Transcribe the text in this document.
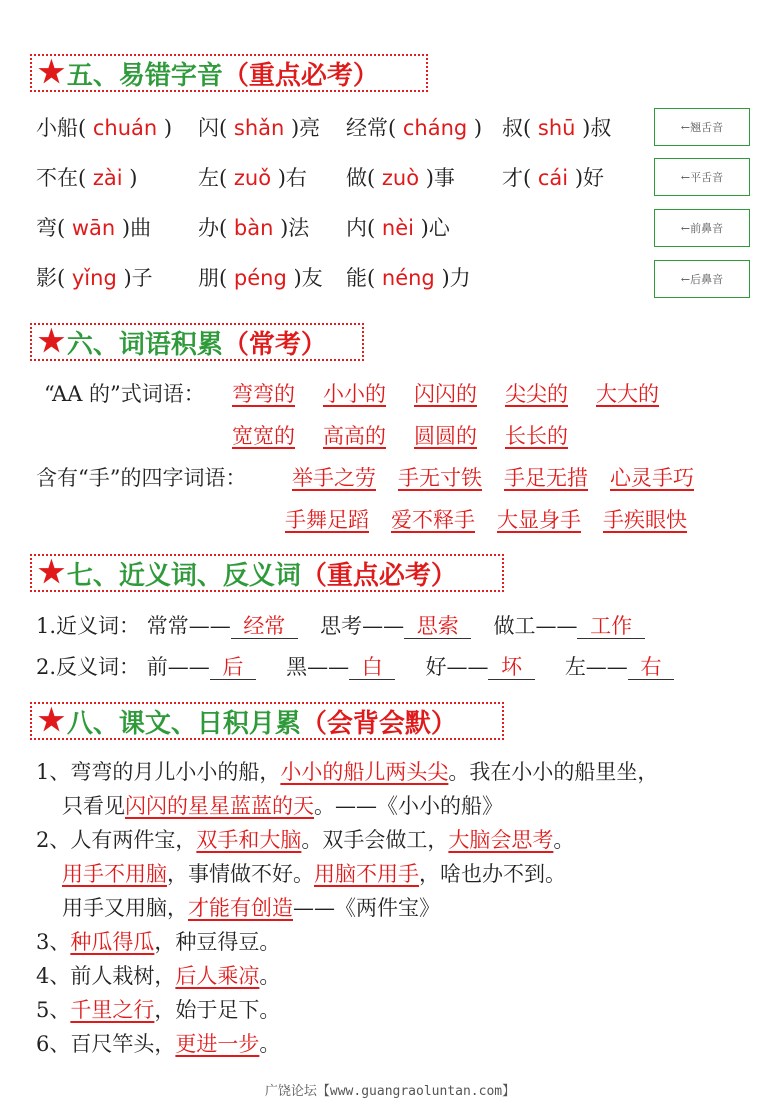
★ 五、易错字音 （重点必考）
小船( chuán ) 闪( shǎn )亮 经常( cháng ) 叔( shū )叔
不在( zài )	左( zuǒ )右 做( zuò )事 才( cái )好
弯( wān )曲 办( bàn )法 内( nèi )心
影( yǐng )子 朋( péng )友 能( néng )力
←翘舌音
←平舌音
←前鼻音
←后鼻音
★ 六、词语积累 （常考）
“AA 的”式词语： 弯弯的 小小的 闪闪的 尖尖的 大大的
宽宽的 高高的 圆圆的 长长的
含有“手”的四字词语： 举手之劳 手无寸铁 手足无措 心灵手巧
手舞足蹈 爱不释手 大显身手 手疾眼快
★ 七、近义词、反义词 （重点必考）
1.近义词： 常常—— 经常 思考—— 思索 做工—— 工作
2.反义词： 前—— 后 黑—— 白 好—— 坏 左—— 右
★ 八、课文、日积月累 （会背会默）
1、弯弯的月儿小小的船，小小的船儿两头尖。我在小小的船里坐，
只看见闪闪的星星蓝蓝的天。——《小小的船》
2、人有两件宝，双手和大脑。双手会做工，大脑会思考。
用手不用脑，事情做不好。用脑不用手，啥也办不到。
用手又用脑，才能有创造——《两件宝》
3、种瓜得瓜，种豆得豆。
4、前人栽树，后人乘凉。
5、千里之行，始于足下。
6、百尺竿头，更进一步。
广饶论坛【www.guangraoluntan.com】
